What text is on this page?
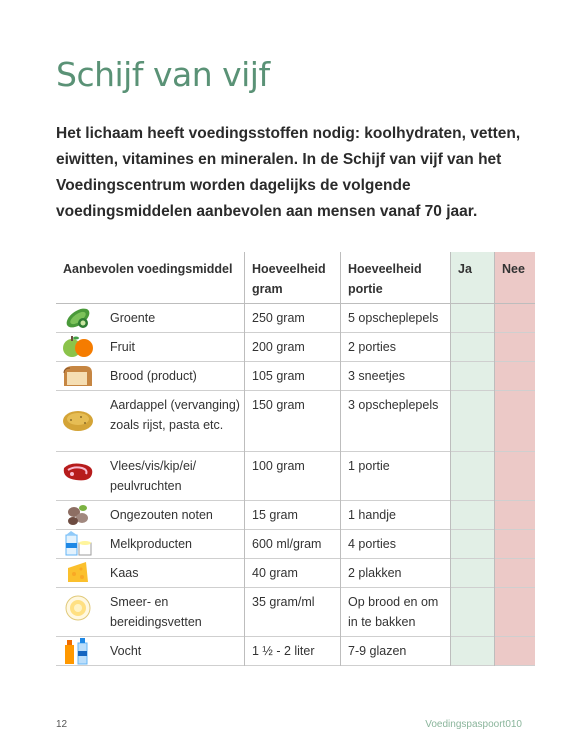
Schijf van vijf
Het lichaam heeft voedingsstoffen nodig: koolhydraten, vetten, eiwitten, vitamines en mineralen. In de Schijf van vijf van het Voedingscentrum worden dagelijks de volgende voedingsmiddelen aanbevolen aan mensen vanaf 70 jaar.
Aanbevolen voedingsmiddel	Hoeveelheid gram	Hoeveelheid portie	Ja	Nee

Groente	250 gram	5 opscheplepels		

Fruit	200 gram	2 porties		

Brood (product)	105 gram	3 sneetjes		

Aardappel (vervanging) zoals rijst, pasta etc.	150 gram	3 opscheplepels		

Vlees/vis/kip/ei/ peulvruchten	100 gram	1 portie		

Ongezouten noten	15 gram	1 handje		

Melkproducten	600 ml/gram	4 porties		

Kaas	40 gram	2 plakken		

Smeer- en bereidingsvetten	35 gram/ml	Op brood en om in te bakken		

Vocht	1 ½ - 2 liter	7-9 glazen		
12	Voedingspaspoort010
